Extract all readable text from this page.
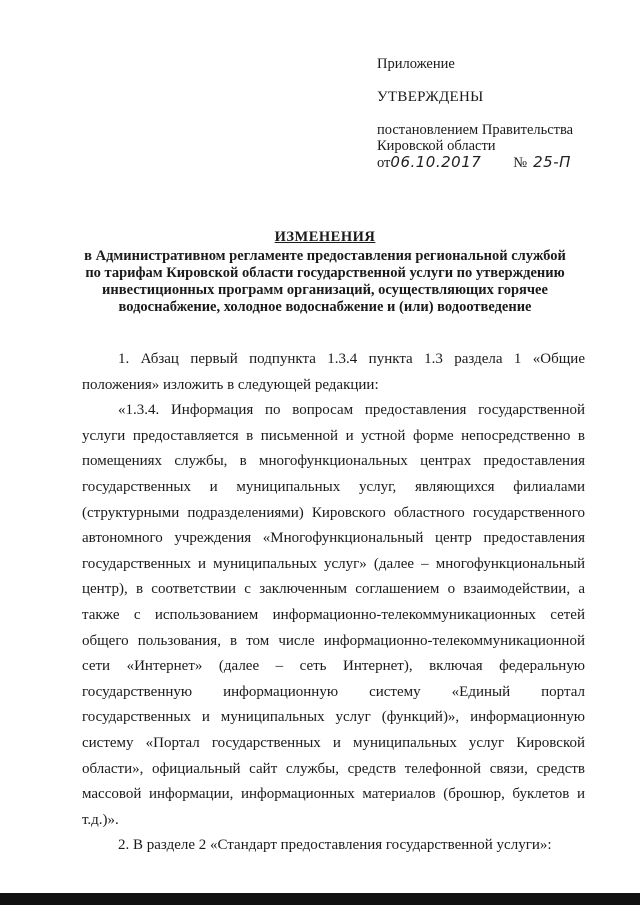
Приложение
УТВЕРЖДЕНЫ
постановлением Правительства
Кировской области
от 06.10.2017 № 25-П
ИЗМЕНЕНИЯ
в Административном регламенте предоставления региональной службой
по тарифам Кировской области государственной услуги по утверждению
инвестиционных программ организаций, осуществляющих горячее
водоснабжение, холодное водоснабжение и (или) водоотведение

1. Абзац первый подпункта 1.3.4 пункта 1.3 раздела 1 «Общие положения» изложить в следующей редакции:

«1.3.4. Информация по вопросам предоставления государственной услуги предоставляется в письменной и устной форме непосредственно в помещениях службы, в многофункциональных центрах предоставления государственных и муниципальных услуг, являющихся филиалами (структурными подразделениями) Кировского областного государственного автономного учреждения «Многофункциональный центр предоставления государственных и муниципальных услуг» (далее – многофункциональный центр), в соответствии с заключенным соглашением о взаимодействии, а также с использованием информационно-телекоммуникационных сетей общего пользования, в том числе информационно-телекоммуникационной сети «Интернет» (далее – сеть Интернет), включая федеральную государственную информационную систему «Единый портал государственных и муниципальных услуг (функций)», информационную систему «Портал государственных и муниципальных услуг Кировской области», официальный сайт службы, средств телефонной связи, средств массовой информации, информационных материалов (брошюр, буклетов и т.д.)».

2. В разделе 2 «Стандарт предоставления государственной услуги»:
